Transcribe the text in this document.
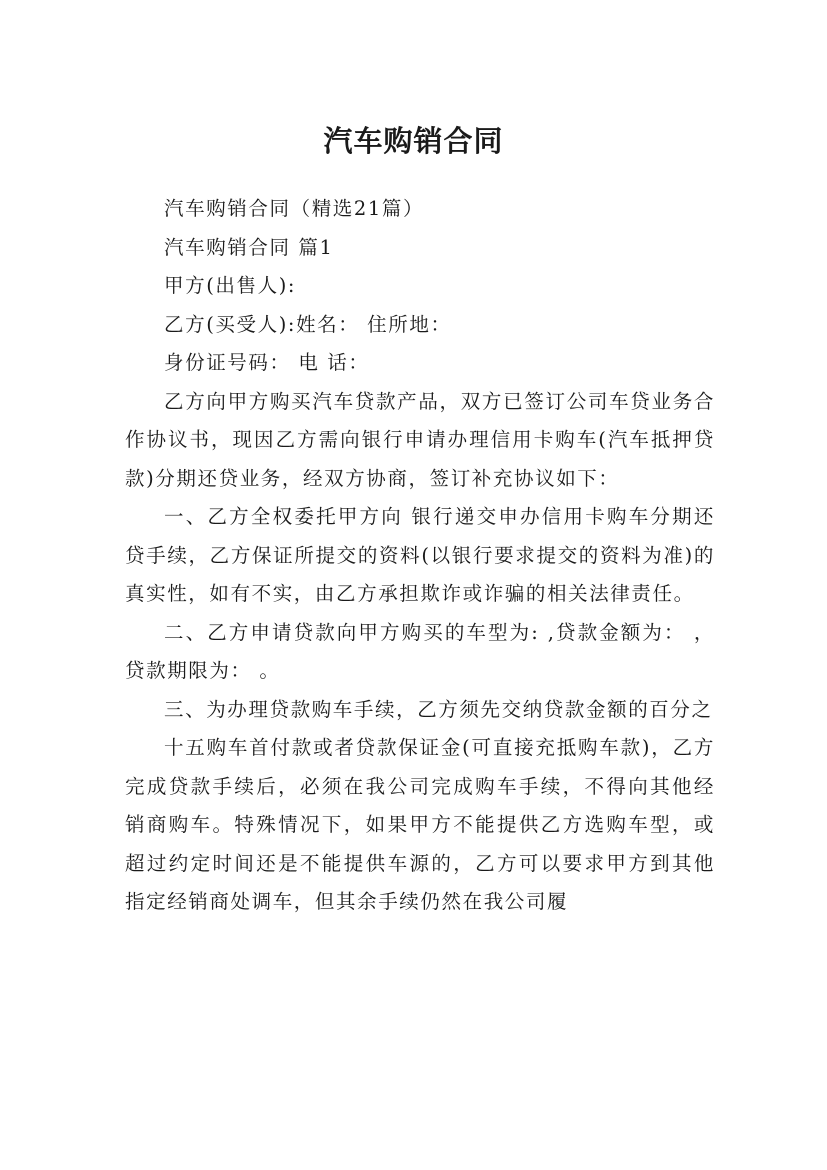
汽车购销合同

汽车购销合同（精选21篇）

汽车购销合同 篇1

甲方(出售人):

乙方(买受人):姓名： 住所地：

身份证号码： 电 话：

乙方向甲方购买汽车贷款产品，双方已签订公司车贷业务合作协议书，现因乙方需向银行申请办理信用卡购车(汽车抵押贷款)分期还贷业务，经双方协商，签订补充协议如下：

一、乙方全权委托甲方向 银行递交申办信用卡购车分期还贷手续，乙方保证所提交的资料(以银行要求提交的资料为准)的真实性，如有不实，由乙方承担欺诈或诈骗的相关法律责任。

二、乙方申请贷款向甲方购买的车型为: ,贷款金额为： ，贷款期限为： 。

三、为办理贷款购车手续，乙方须先交纳贷款金额的百分之

十五购车首付款或者贷款保证金(可直接充抵购车款)，乙方完成贷款手续后，必须在我公司完成购车手续，不得向其他经销商购车。特殊情况下，如果甲方不能提供乙方选购车型，或超过约定时间还是不能提供车源的，乙方可以要求甲方到其他指定经销商处调车，但其余手续仍然在我公司履
